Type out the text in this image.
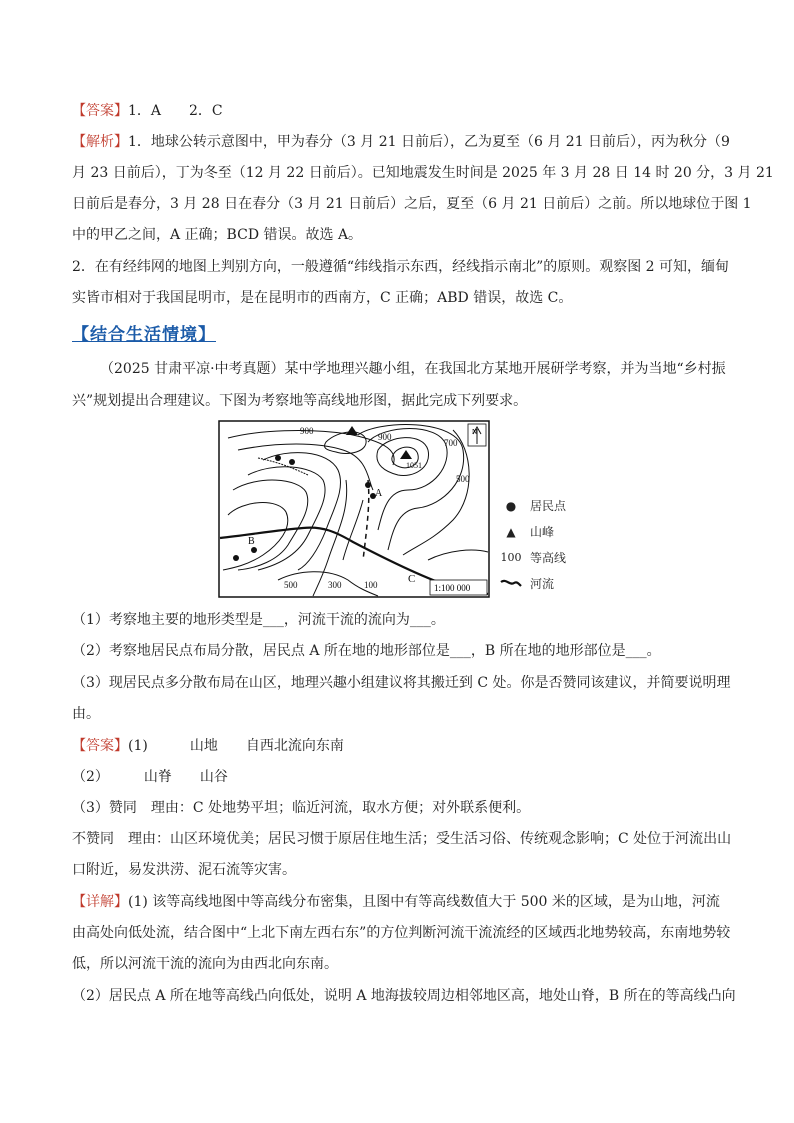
【答案】1．A　　2．C
【解析】1．地球公转示意图中，甲为春分（3 月 21 日前后），乙为夏至（6 月 21 日前后），丙为秋分（9
月 23 日前后），丁为冬至（12 月 22 日前后）。已知地震发生时间是 2025 年 3 月 28 日 14 时 20 分，3 月 21
日前后是春分，3 月 28 日在春分（3 月 21 日前后）之后，夏至（6 月 21 日前后）之前。所以地球位于图 1
中的甲乙之间，A 正确；BCD 错误。故选 A。
2．在有经纬网的地图上判别方向，一般遵循“纬线指示东西，经线指示南北”的原则。观察图 2 可知，缅甸
实皆市相对于我国昆明市，是在昆明市的西南方，C 正确；ABD 错误，故选 C。
【结合生活情境】
（2025 甘肃平凉·中考真题）某中学地理兴趣小组，在我国北方某地开展研学考察，并为当地“乡村振
兴”规划提出合理建议。下图为考察地等高线地形图，据此完成下列要求。
900
900
700
1051
500
500	300	100
A
B
C
N
1:100 000
●	居民点
▲	山峰
100 等高线
河流
（1）考察地主要的地形类型是___，河流干流的流向为___。
（2）考察地居民点布局分散，居民点 A 所在地的地形部位是___，B 所在地的地形部位是___。
（3）现居民点多分散布局在山区，地理兴趣小组建议将其搬迁到 C 处。你是否赞同该建议，并简要说明理
由。
【答案】(1)　　　山地　　自西北流向东南
（2）　　　山脊　　山谷
（3）赞同　理由：C 处地势平坦；临近河流，取水方便；对外联系便利。
不赞同　理由：山区环境优美；居民习惯于原居住地生活；受生活习俗、传统观念影响；C 处位于河流出山
口附近，易发洪涝、泥石流等灾害。
【详解】(1) 该等高线地图中等高线分布密集，且图中有等高线数值大于 500 米的区域，是为山地，河流
由高处向低处流，结合图中“上北下南左西右东”的方位判断河流干流流经的区域西北地势较高，东南地势较
低，所以河流干流的流向为由西北向东南。
（2）居民点 A 所在地等高线凸向低处，说明 A 地海拔较周边相邻地区高，地处山脊，B 所在的等高线凸向
